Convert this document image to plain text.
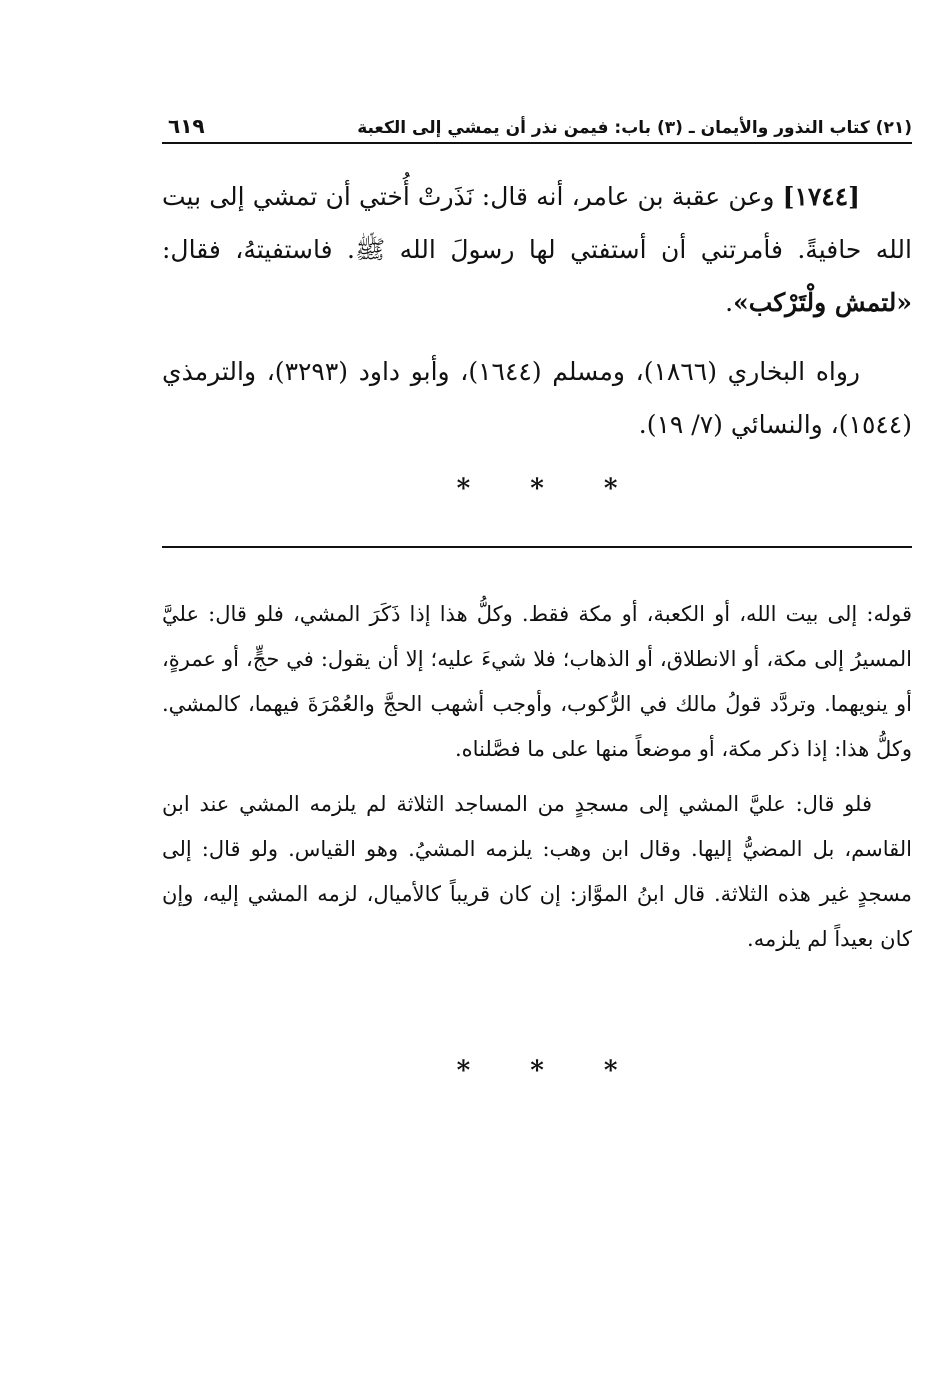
(٢١) كتاب النذور والأيمان ـ (٣) باب: فيمن نذر أن يمشي إلى الكعبة
٦١٩

[١٧٤٤] وعن عقبة بن عامر، أنه قال: نَذَرتْ أُختي أن تمشي إلى بيت الله حافيةً. فأمرتني أن أستفتي لها رسولَ الله ﷺ. فاستفيتهُ، فقال: «لتمش ولْتَرْكب».

رواه البخاري (١٨٦٦)، ومسلم (١٦٤٤)، وأبو داود (٣٢٩٣)، والترمذي (١٥٤٤)، والنسائي (٧/ ١٩).

*
*
*

قوله: إلى بيت الله، أو الكعبة، أو مكة فقط. وكلُّ هذا إذا ذَكَرَ المشي، فلو قال: عليَّ المسيرُ إلى مكة، أو الانطلاق، أو الذهاب؛ فلا شيءَ عليه؛ إلا أن يقول: في حجٍّ، أو عمرةٍ، أو ينويهما. وتردَّد قولُ مالك في الرُّكوب، وأوجب أشهب الحجَّ والعُمْرَةَ فيهما، كالمشي. وكلُّ هذا: إذا ذكر مكة، أو موضعاً منها على ما فصَّلناه.

فلو قال: عليَّ المشي إلى مسجدٍ من المساجد الثلاثة لم يلزمه المشي عند ابن القاسم، بل المضيُّ إليها. وقال ابن وهب: يلزمه المشيُ. وهو القياس. ولو قال: إلى مسجدٍ غير هذه الثلاثة. قال ابنُ الموَّاز: إن كان قريباً كالأميال، لزمه المشي إليه، وإن كان بعيداً لم يلزمه.

*
*
*
